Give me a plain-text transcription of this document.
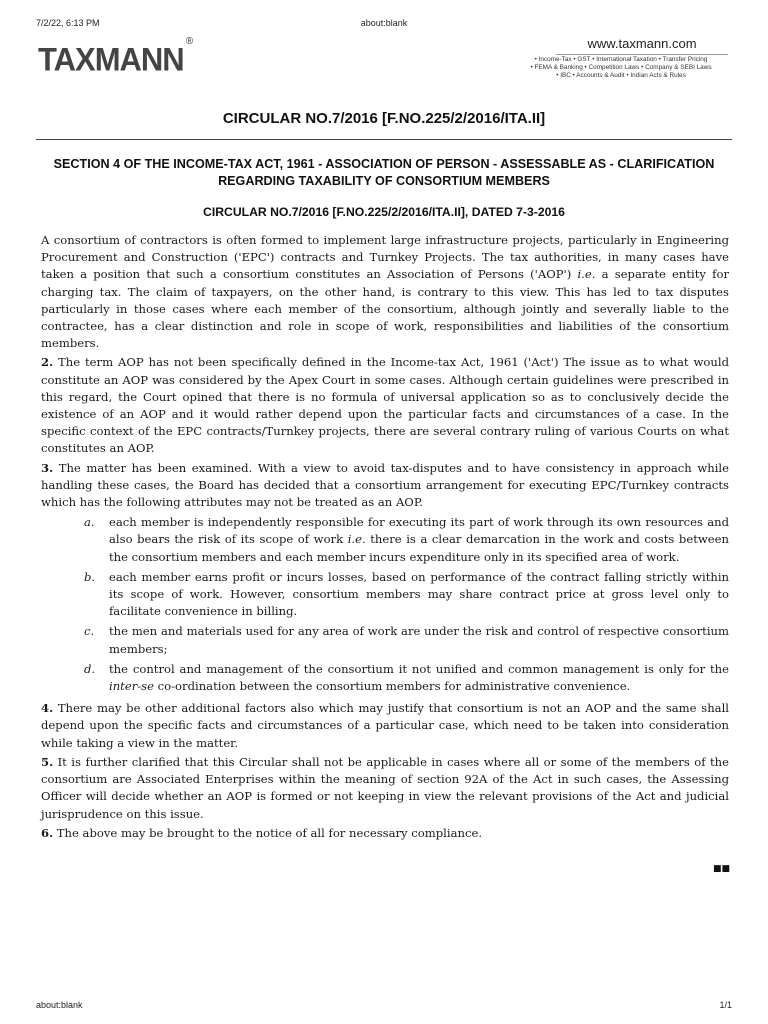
7/2/22, 6:13 PM	about:blank
TAXMANN ®	www.taxmann.com
• Income-Tax • GST • International Taxation • Transfer Pricing
• FEMA & Banking • Competition Laws • Company & SEBI Laws
• IBC • Accounts & Audit • Indian Acts & Rules
CIRCULAR NO.7/2016 [F.NO.225/2/2016/ITA.II]
SECTION 4 OF THE INCOME-TAX ACT, 1961 - ASSOCIATION OF PERSON - ASSESSABLE AS - CLARIFICATION REGARDING TAXABILITY OF CONSORTIUM MEMBERS
CIRCULAR NO.7/2016 [F.NO.225/2/2016/ITA.II], DATED 7-3-2016

A consortium of contractors is often formed to implement large infrastructure projects, particularly in Engineering Procurement and Construction ('EPC') contracts and Turnkey Projects. The tax authorities, in many cases have taken a position that such a consortium constitutes an Association of Persons ('AOP') i.e. a separate entity for charging tax. The claim of taxpayers, on the other hand, is contrary to this view. This has led to tax disputes particularly in those cases where each member of the consortium, although jointly and severally liable to the contractee, has a clear distinction and role in scope of work, responsibilities and liabilities of the consortium members.

2. The term AOP has not been specifically defined in the Income-tax Act, 1961 ('Act') The issue as to what would constitute an AOP was considered by the Apex Court in some cases. Although certain guidelines were prescribed in this regard, the Court opined that there is no formula of universal application so as to conclusively decide the existence of an AOP and it would rather depend upon the particular facts and circumstances of a case. In the specific context of the EPC contracts/Turnkey projects, there are several contrary ruling of various Courts on what constitutes an AOP.

3. The matter has been examined. With a view to avoid tax-disputes and to have consistency in approach while handling these cases, the Board has decided that a consortium arrangement for executing EPC/Turnkey contracts which has the following attributes may not be treated as an AOP.

a. each member is independently responsible for executing its part of work through its own resources and also bears the risk of its scope of work i.e. there is a clear demarcation in the work and costs between the consortium members and each member incurs expenditure only in its specified area of work.
b. each member earns profit or incurs losses, based on performance of the contract falling strictly within its scope of work. However, consortium members may share contract price at gross level only to facilitate convenience in billing.
c. the men and materials used for any area of work are under the risk and control of respective consortium members;
d. the control and management of the consortium it not unified and common management is only for the inter-se co-ordination between the consortium members for administrative convenience.

4. There may be other additional factors also which may justify that consortium is not an AOP and the same shall depend upon the specific facts and circumstances of a particular case, which need to be taken into consideration while taking a view in the matter.

5. It is further clarified that this Circular shall not be applicable in cases where all or some of the members of the consortium are Associated Enterprises within the meaning of section 92A of the Act in such cases, the Assessing Officer will decide whether an AOP is formed or not keeping in view the relevant provisions of the Act and judicial jurisprudence on this issue.

6. The above may be brought to the notice of all for necessary compliance.

■■
about:blank	1/1
